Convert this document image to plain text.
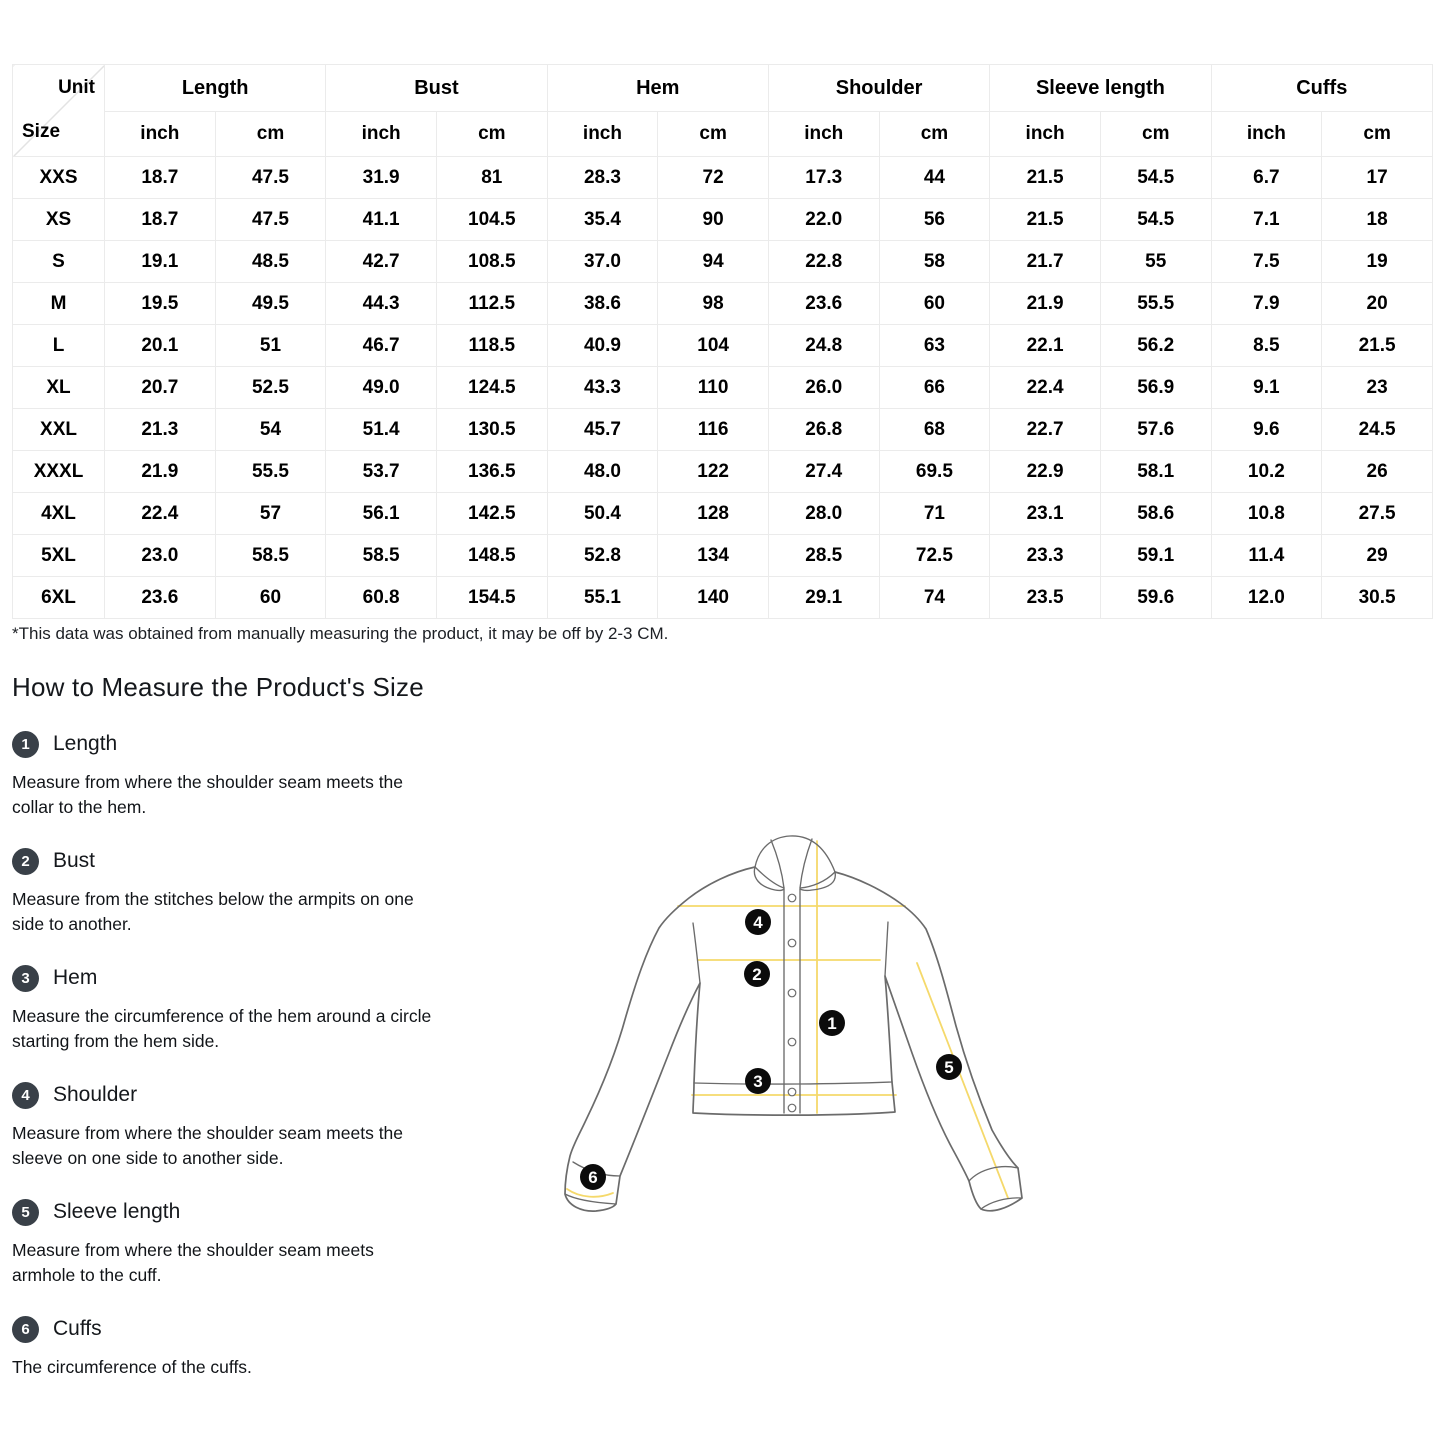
Unit
Size	Length		Bust		Hem		Shoulder		Sleeve length		Cuffs	
	inch	cm	inch	cm	inch	cm	inch	cm	inch	cm	inch	cm
XXS	18.7	47.5	31.9	81	28.3	72	17.3	44	21.5	54.5	6.7	17
XS	18.7	47.5	41.1	104.5	35.4	90	22.0	56	21.5	54.5	7.1	18
S	19.1	48.5	42.7	108.5	37.0	94	22.8	58	21.7	55	7.5	19
M	19.5	49.5	44.3	112.5	38.6	98	23.6	60	21.9	55.5	7.9	20
L	20.1	51	46.7	118.5	40.9	104	24.8	63	22.1	56.2	8.5	21.5
XL	20.7	52.5	49.0	124.5	43.3	110	26.0	66	22.4	56.9	9.1	23
XXL	21.3	54	51.4	130.5	45.7	116	26.8	68	22.7	57.6	9.6	24.5
XXXL	21.9	55.5	53.7	136.5	48.0	122	27.4	69.5	22.9	58.1	10.2	26
4XL	22.4	57	56.1	142.5	50.4	128	28.0	71	23.1	58.6	10.8	27.5
5XL	23.0	58.5	58.5	148.5	52.8	134	28.5	72.5	23.3	59.1	11.4	29
6XL	23.6	60	60.8	154.5	55.1	140	29.1	74	23.5	59.6	12.0	30.5

*This data was obtained from manually measuring the product, it may be off by 2-3 CM.

How to Measure the Product's Size
1	Length

Measure from where the shoulder seam meets the
collar to the hem.

2	Bust

Measure from the stitches below the armpits on one
side to another.

3	Hem

Measure the circumference of the hem around a circle
starting from the hem side.

4	Shoulder

Measure from where the shoulder seam meets the
sleeve on one side to another side.

5	Sleeve length

Measure from where the shoulder seam meets
armhole to the cuff.

6	Cuffs

The circumference of the cuffs.

1
2
3
4
5
6
